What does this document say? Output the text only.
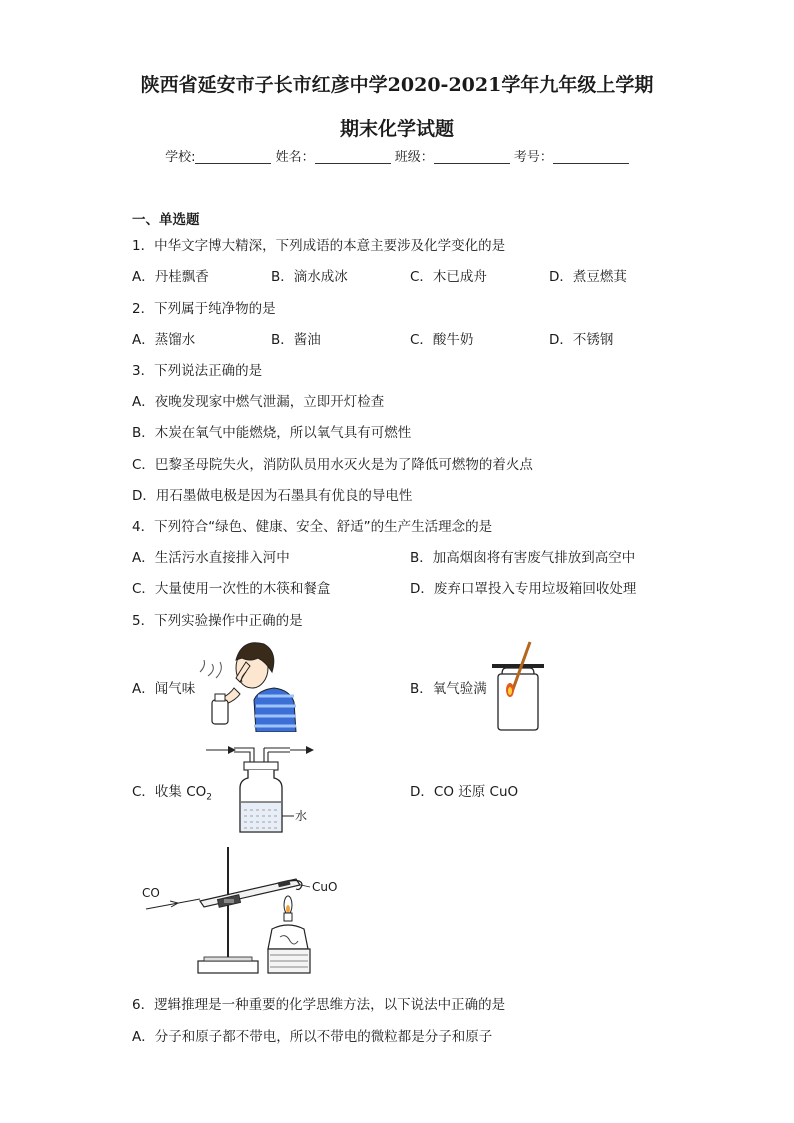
陕西省延安市子长市红彦中学2020-2021学年九年级上学期
期末化学试题
学校:	姓名：	班级：	考号：
一、单选题
1．中华文字博大精深，下列成语的本意主要涉及化学变化的是
A．丹桂飘香	B．滴水成冰	C．木已成舟	D．煮豆燃萁
2．下列属于纯净物的是
A．蒸馏水	B．酱油	C．酸牛奶	D．不锈钢
3．下列说法正确的是
A．夜晚发现家中燃气泄漏，立即开灯检查
B．木炭在氧气中能燃烧，所以氧气具有可燃性
C．巴黎圣母院失火，消防队员用水灭火是为了降低可燃物的着火点
D．用石墨做电极是因为石墨具有优良的导电性
4．下列符合“绿色、健康、安全、舒适”的生产生活理念的是
A．生活污水直接排入河中	B．加高烟囱将有害废气排放到高空中
C．大量使用一次性的木筷和餐盒	D．废弃口罩投入专用垃圾箱回收处理
5．下列实验操作中正确的是
A．闻气味	B．氧气验满
C．收集 $CO_2$	D．CO 还原 CuO
水
CO	CuO
6．逻辑推理是一种重要的化学思维方法，以下说法中正确的是
A．分子和原子都不带电，所以不带电的微粒都是分子和原子
